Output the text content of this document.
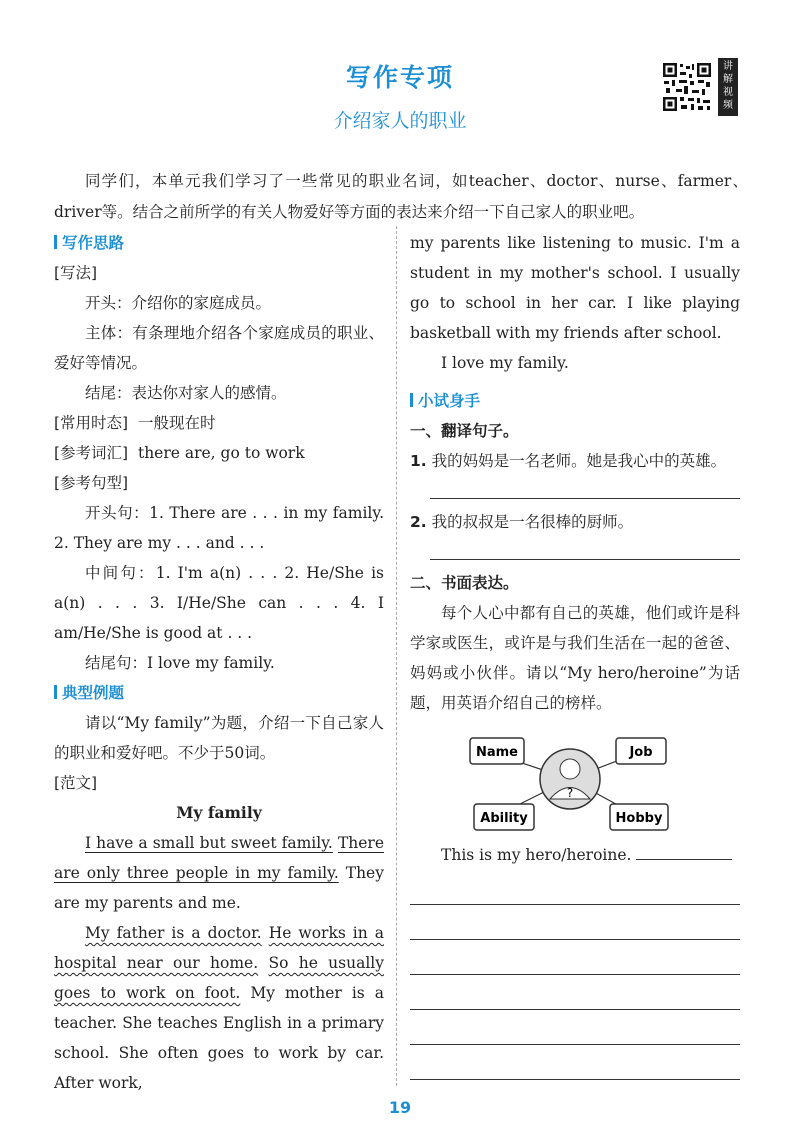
写作专项
介绍家人的职业
讲
解
视
频
同学们，本单元我们学习了一些常见的职业名词，如teacher、doctor、nurse、farmer、driver等。结合之前所学的有关人物爱好等方面的表达来介绍一下自己家人的职业吧。
写作思路
[写法]
开头：介绍你的家庭成员。
主体：有条理地介绍各个家庭成员的职业、爱好等情况。
结尾：表达你对家人的感情。
[常用时态] 一般现在时
[参考词汇] there are, go to work
[参考句型]
开头句：1. There are . . . in my family. 2. They are my . . . and . . .
中间句：1. I'm a(n) . . . 2. He/She is a(n) . . . 3. I/He/She can . . . 4. I am/He/She is good at . . .
结尾句：I love my family.
典型例题
请以“My family”为题，介绍一下自己家人的职业和爱好吧。不少于50词。
[范文]
My family
I have a small but sweet family. There are only three people in my family. They are my parents and me.
My father is a doctor. He works in a hospital near our home. So he usually goes to work on foot. My mother is a teacher. She teaches English in a primary school. She often goes to work by car. After work,
my parents like listening to music. I'm a student in my mother's school. I usually go to school in her car. I like playing basketball with my friends after school.
I love my family.
小试身手
一、翻译句子。
1. 我的妈妈是一名老师。她是我心中的英雄。
2. 我的叔叔是一名很棒的厨师。
二、书面表达。
每个人心中都有自己的英雄，他们或许是科学家或医生，或许是与我们生活在一起的爸爸、妈妈或小伙伴。请以“My hero/heroine”为话题，用英语介绍自己的榜样。
?
Name	Job
Ability	Hobby
This is my hero/heroine.
19
